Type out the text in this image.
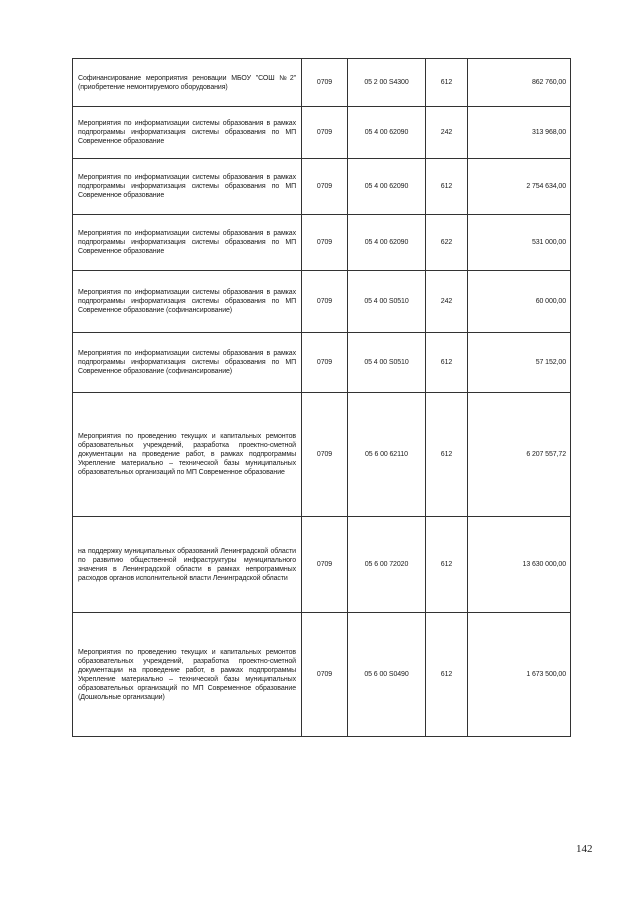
Софинансирование мероприятия реновации МБОУ "СОШ №2" (приобретение немонтируемого оборудования)	0709	05 2 00 S4300	612	862 760,00
Мероприятия по информатизации системы образования в рамках подпрограммы информатизация системы образования по МП Современное образование	0709	05 4 00 62090	242	313 968,00
Мероприятия по информатизации системы образования в рамках подпрограммы информатизация системы образования по МП Современное образование	0709	05 4 00 62090	612	2 754 634,00
Мероприятия по информатизации системы образования в рамках подпрограммы информатизация системы образования по МП Современное образование	0709	05 4 00 62090	622	531 000,00
Мероприятия по информатизации системы образования в рамках подпрограммы информатизация системы образования по МП Современное образование (софинансирование)	0709	05 4 00 S0510	242	60 000,00
Мероприятия по информатизации системы образования в рамках подпрограммы информатизация системы образования по МП Современное образование (софинансирование)	0709	05 4 00 S0510	612	57 152,00
Мероприятия по проведению текущих и капитальных ремонтов образовательных учреждений, разработка проектно-сметной документации на проведение работ, в рамках подпрограммы Укрепление материально – технической базы муниципальных образовательных организаций по МП Современное образование	0709	05 6 00 62110	612	6 207 557,72
на поддержку муниципальных образований Ленинградской области по развитию общественной инфраструктуры муниципального значения в Ленинградской области в рамках непрограммных расходов органов исполнительной власти Ленинградской области	0709	05 6 00 72020	612	13 630 000,00
Мероприятия по проведению текущих и капитальных ремонтов образовательных учреждений, разработка проектно-сметной документации на проведение работ, в рамках подпрограммы Укрепление материально – технической базы муниципальных образовательных организаций по МП Современное образование (Дошкольные организации)	0709	05 6 00 S0490	612	1 673 500,00
142
